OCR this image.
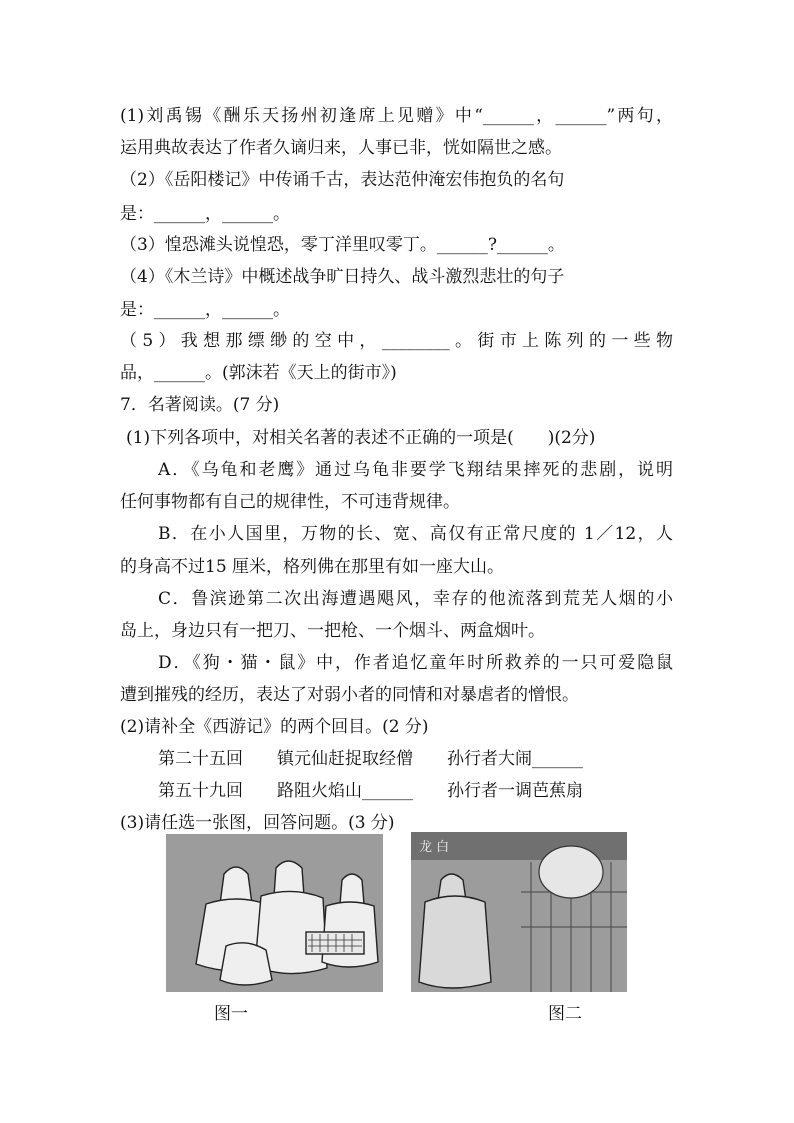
(1)刘禹锡《酬乐天扬州初逢席上见赠》中“______，______”两句，
运用典故表达了作者久谪归来，人事已非，恍如隔世之感。
（2）《岳阳楼记》中传诵千古，表达范仲淹宏伟抱负的名句
是：______，______。
（3）惶恐滩头说惶恐，零丁洋里叹零丁。______?______。
（4）《木兰诗》中概述战争旷日持久、战斗激烈悲壮的句子
是：______，______。
（5）我想那缥缈的空中，________。街市上陈列的一些物
品，______。(郭沫若《天上的街市》)
7．名著阅读。(7 分)
(1)下列各项中，对相关名著的表述不正确的一项是(　　)(2分)
A．《乌龟和老鹰》通过乌龟非要学飞翔结果摔死的悲剧，说明
任何事物都有自己的规律性，不可违背规律。
B．在小人国里，万物的长、宽、高仅有正常尺度的 1／12，人
的身高不过15 厘米，格列佛在那里有如一座大山。
C．鲁滨逊第二次出海遭遇飓风，幸存的他流落到荒芜人烟的小
岛上，身边只有一把刀、一把枪、一个烟斗、两盒烟叶。
D．《狗・猫・鼠》中，作者追忆童年时所救养的一只可爱隐鼠
遭到摧残的经历，表达了对弱小者的同情和对暴虐者的憎恨。
(2)请补全《西游记》的两个回目。(2 分)
第二十五回　　镇元仙赶捉取经僧　　孙行者大闹______
第五十九回　　路阻火焰山______　　孙行者一调芭蕉扇
(3)请任选一张图，回答问题。(3 分)
图一
龙 白
图二
